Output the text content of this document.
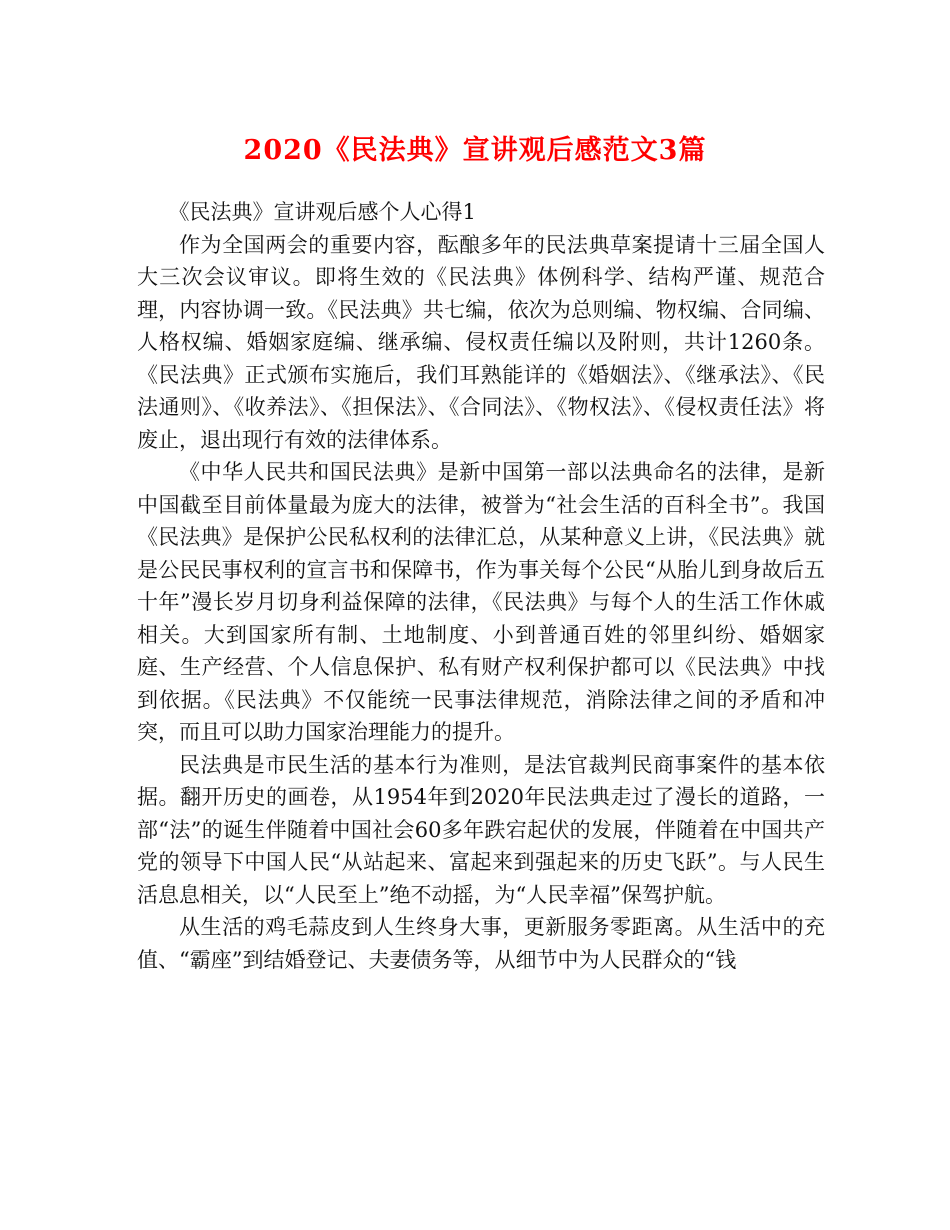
2020《民法典》宣讲观后感范文3篇

《民法典》宣讲观后感个人心得1

作为全国两会的重要内容，酝酿多年的民法典草案提请十三届全国人大三次会议审议。即将生效的《民法典》体例科学、结构严谨、规范合理，内容协调一致。《民法典》共七编，依次为总则编、物权编、合同编、人格权编、婚姻家庭编、继承编、侵权责任编以及附则，共计1260条。《民法典》正式颁布实施后，我们耳熟能详的《婚姻法》、《继承法》、《民法通则》、《收养法》、《担保法》、《合同法》、《物权法》、《侵权责任法》将废止，退出现行有效的法律体系。

《中华人民共和国民法典》是新中国第一部以法典命名的法律，是新中国截至目前体量最为庞大的法律，被誉为“社会生活的百科全书”。我国《民法典》是保护公民私权利的法律汇总，从某种意义上讲，《民法典》就是公民民事权利的宣言书和保障书，作为事关每个公民“从胎儿到身故后五十年”漫长岁月切身利益保障的法律，《民法典》与每个人的生活工作休戚相关。大到国家所有制、土地制度、小到普通百姓的邻里纠纷、婚姻家庭、生产经营、个人信息保护、私有财产权利保护都可以《民法典》中找到依据。《民法典》不仅能统一民事法律规范，消除法律之间的矛盾和冲突，而且可以助力国家治理能力的提升。

民法典是市民生活的基本行为准则，是法官裁判民商事案件的基本依据。翻开历史的画卷，从1954年到2020年民法典走过了漫长的道路，一部“法”的诞生伴随着中国社会60多年跌宕起伏的发展，伴随着在中国共产党的领导下中国人民“从站起来、富起来到强起来的历史飞跃”。与人民生活息息相关，以“人民至上”绝不动摇，为“人民幸福”保驾护航。

从生活的鸡毛蒜皮到人生终身大事，更新服务零距离。从生活中的充值、“霸座”到结婚登记、夫妻债务等，从细节中为人民群众的“钱
